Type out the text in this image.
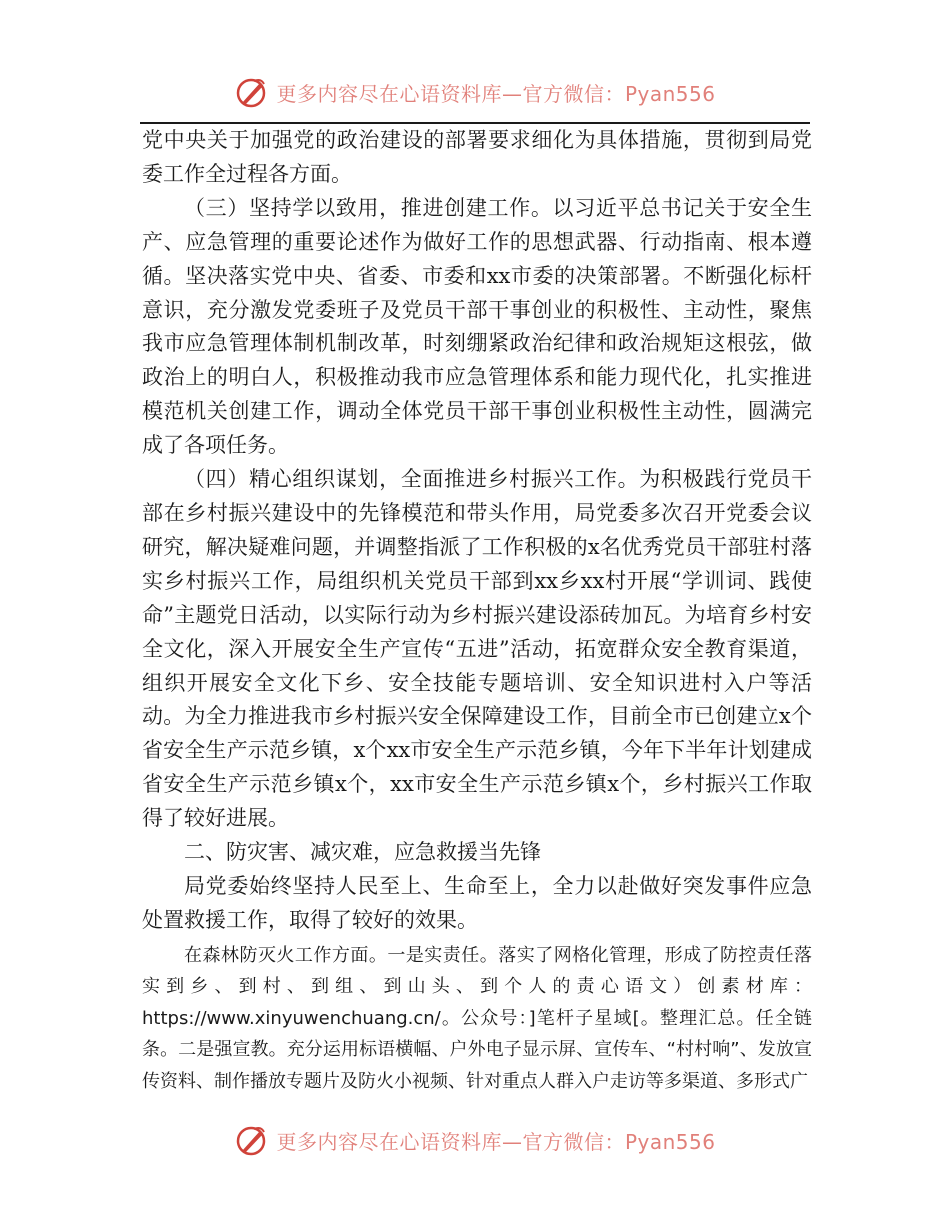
更多内容尽在心语资料库—官方微信：Pyan556

党中央关于加强党的政治建设的部署要求细化为具体措施，贯彻到局党委工作全过程各方面。

（三）坚持学以致用，推进创建工作。以习近平总书记关于安全生产、应急管理的重要论述作为做好工作的思想武器、行动指南、根本遵循。坚决落实党中央、省委、市委和xx市委的决策部署。不断强化标杆意识，充分激发党委班子及党员干部干事创业的积极性、主动性，聚焦我市应急管理体制机制改革，时刻绷紧政治纪律和政治规矩这根弦，做政治上的明白人，积极推动我市应急管理体系和能力现代化，扎实推进模范机关创建工作，调动全体党员干部干事创业积极性主动性，圆满完成了各项任务。

（四）精心组织谋划，全面推进乡村振兴工作。为积极践行党员干部在乡村振兴建设中的先锋模范和带头作用，局党委多次召开党委会议研究，解决疑难问题，并调整指派了工作积极的x名优秀党员干部驻村落实乡村振兴工作，局组织机关党员干部到xx乡xx村开展“学训词、践使命”主题党日活动，以实际行动为乡村振兴建设添砖加瓦。为培育乡村安全文化，深入开展安全生产宣传“五进”活动，拓宽群众安全教育渠道，组织开展安全文化下乡、安全技能专题培训、安全知识进村入户等活动。为全力推进我市乡村振兴安全保障建设工作，目前全市已创建立x个省安全生产示范乡镇，x个xx市安全生产示范乡镇，今年下半年计划建成省安全生产示范乡镇x个，xx市安全生产示范乡镇x个，乡村振兴工作取得了较好进展。

二、防灾害、减灾难，应急救援当先锋

局党委始终坚持人民至上、生命至上，全力以赴做好突发事件应急处置救援工作，取得了较好的效果。

在森林防灭火工作方面。一是实责任。落实了网格化管理，形成了防控责任落实到乡、到村、到组、到山头、到个人的责心语文）创素材库：https://www.xinyuwenchuang.cn/。公众号：]笔杆子星域[。整理汇总。任全链条。二是强宣教。充分运用标语横幅、户外电子显示屏、宣传车、“村村响”、发放宣传资料、制作播放专题片及防火小视频、针对重点人群入户走访等多渠道、多形式广

更多内容尽在心语资料库—官方微信：Pyan556
